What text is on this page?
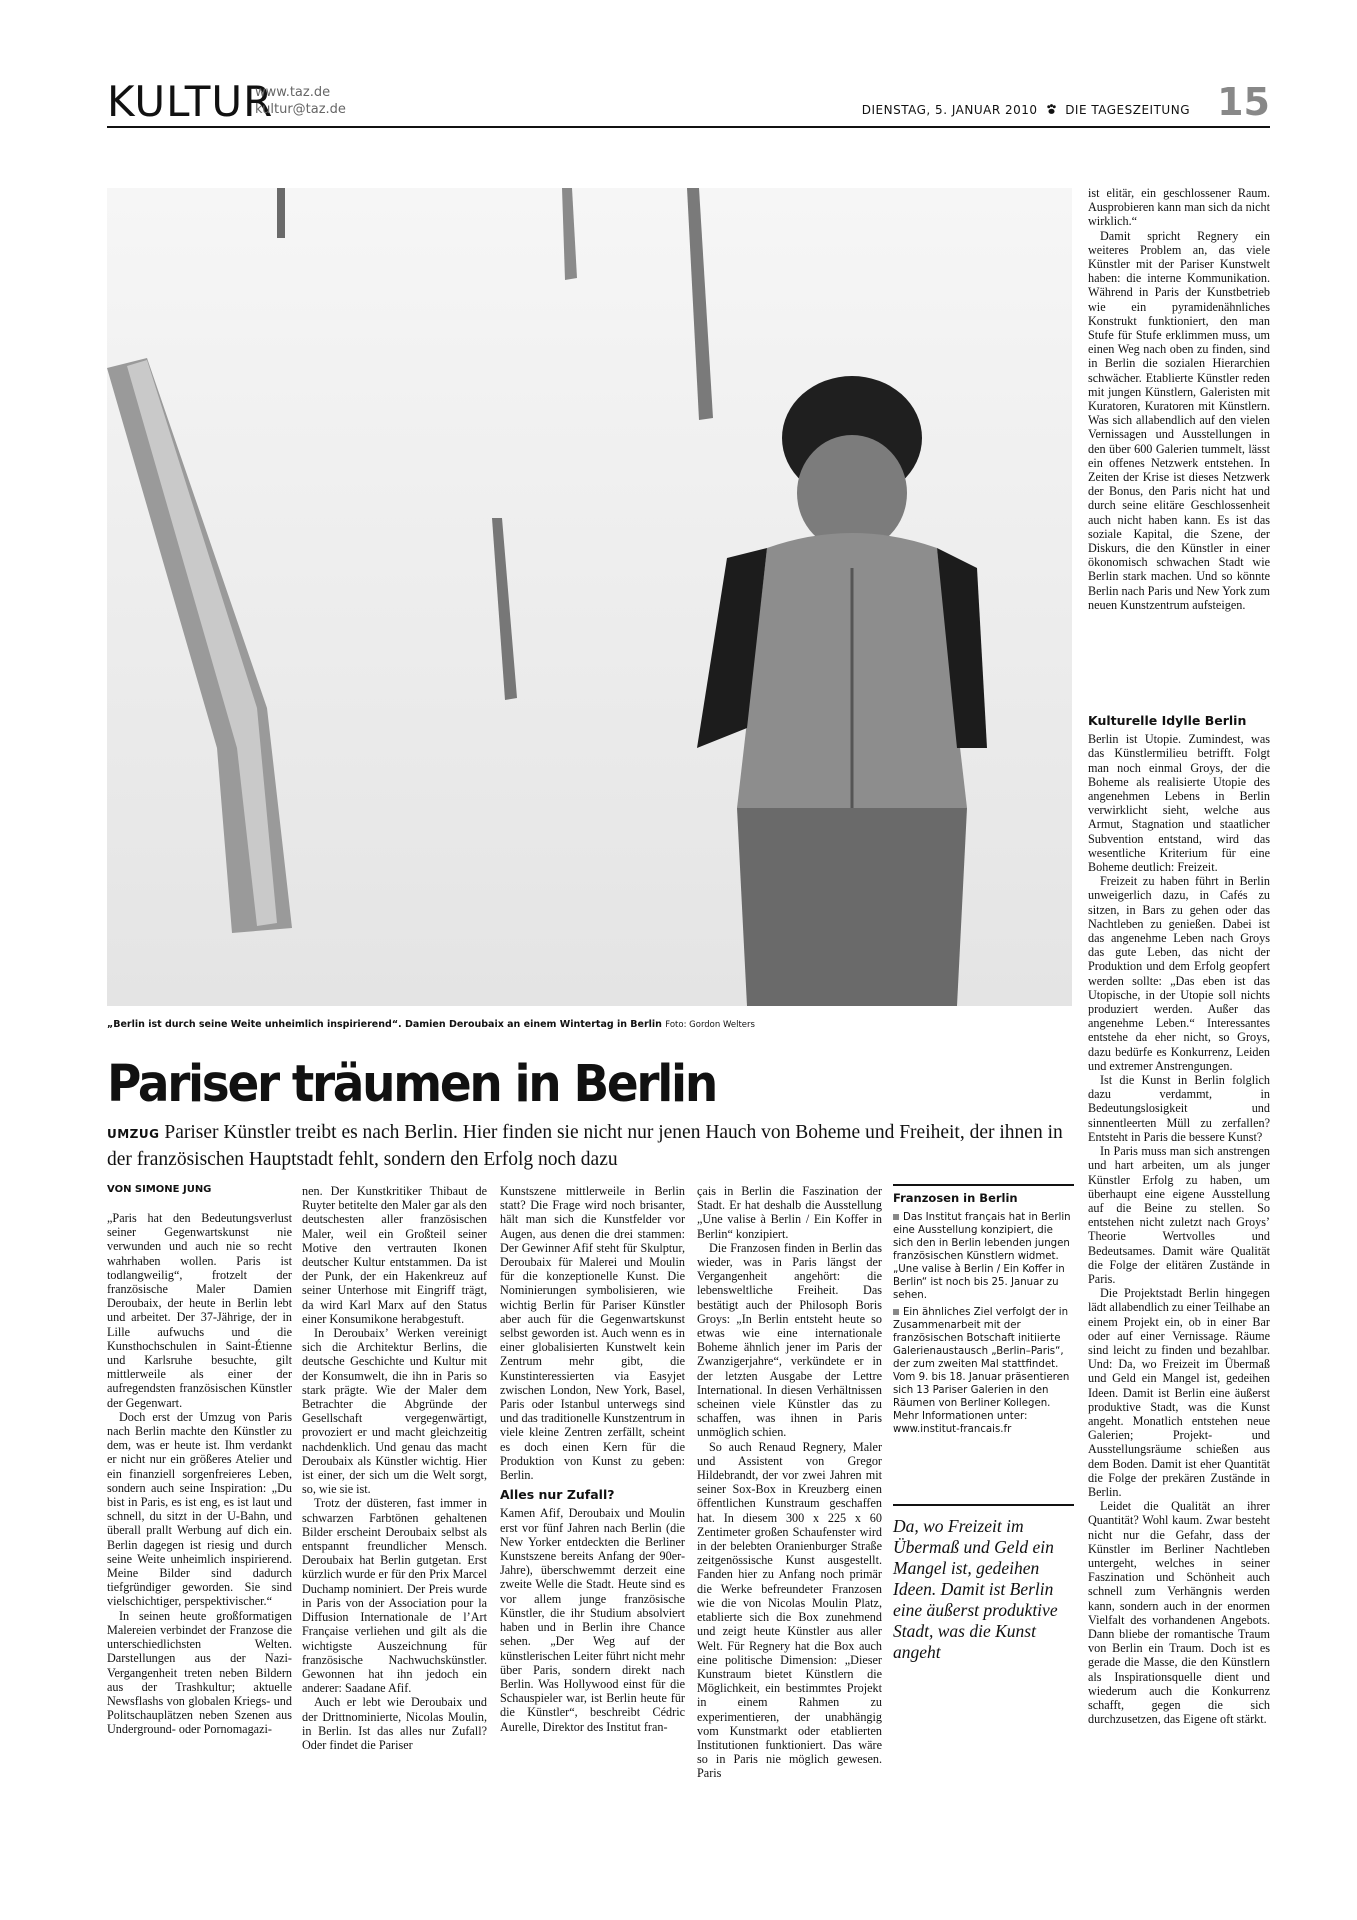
KULTUR
www.taz.de
kultur@taz.de	DIENSTAG, 5. JANUAR 2010 DIE TAGESZEITUNG 15
„Berlin ist durch seine Weite unheimlich inspirierend“. Damien Deroubaix an einem Wintertag in Berlin Foto: Gordon Welters
Pariser träumen in Berlin
UMZUG Pariser Künstler treibt es nach Berlin. Hier finden sie nicht nur jenen Hauch von Boheme und Freiheit, der ihnen in der französischen Hauptstadt fehlt, sondern den Erfolg noch dazu
VON SIMONE JUNG

„Paris hat den Bedeutungsverlust seiner Gegenwartskunst nie verwunden und auch nie so recht wahrhaben wollen. Paris ist todlangweilig“, frotzelt der französische Maler Damien Deroubaix, der heute in Berlin lebt und arbeitet. Der 37-Jährige, der in Lille aufwuchs und die Kunsthochschulen in Saint-Étienne und Karlsruhe besuchte, gilt mittlerweile als einer der aufregendsten französischen Künstler der Gegenwart.

Doch erst der Umzug von Paris nach Berlin machte den Künstler zu dem, was er heute ist. Ihm verdankt er nicht nur ein größeres Atelier und ein finanziell sorgenfreieres Leben, sondern auch seine Inspiration: „Du bist in Paris, es ist eng, es ist laut und schnell, du sitzt in der U-Bahn, und überall prallt Werbung auf dich ein. Berlin dagegen ist riesig und durch seine Weite unheimlich inspirierend. Meine Bilder sind dadurch tiefgründiger geworden. Sie sind vielschichtiger, perspektivischer.“

In seinen heute großformatigen Malereien verbindet der Franzose die unterschiedlichsten Welten. Darstellungen aus der Nazi-Vergangenheit treten neben Bildern aus der Trashkultur; aktuelle Newsflashs von globalen Kriegs- und Politschauplätzen neben Szenen aus Underground- oder Pornomagazi-

nen. Der Kunstkritiker Thibaut de Ruyter betitelte den Maler gar als den deutschesten aller französischen Maler, weil ein Großteil seiner Motive den vertrauten Ikonen deutscher Kultur entstammen. Da ist der Punk, der ein Hakenkreuz auf seiner Unterhose mit Eingriff trägt, da wird Karl Marx auf den Status einer Konsumikone herabgestuft.

In Deroubaix’ Werken vereinigt sich die Architektur Berlins, die deutsche Geschichte und Kultur mit der Konsumwelt, die ihn in Paris so stark prägte. Wie der Maler dem Betrachter die Abgründe der Gesellschaft vergegenwärtigt, provoziert er und macht gleichzeitig nachdenklich. Und genau das macht Deroubaix als Künstler wichtig. Hier ist einer, der sich um die Welt sorgt, so, wie sie ist.

Trotz der düsteren, fast immer in schwarzen Farbtönen gehaltenen Bilder erscheint Deroubaix selbst als entspannt freundlicher Mensch. Deroubaix hat Berlin gutgetan. Erst kürzlich wurde er für den Prix Marcel Duchamp nominiert. Der Preis wurde in Paris von der Association pour la Diffusion Internationale de l’Art Française verliehen und gilt als die wichtigste Auszeichnung für französische Nachwuchskünstler. Gewonnen hat ihn jedoch ein anderer: Saadane Afif.

Auch er lebt wie Deroubaix und der Drittnominierte, Nicolas Moulin, in Berlin. Ist das alles nur Zufall? Oder findet die Pariser

Kunstszene mittlerweile in Berlin statt? Die Frage wird noch brisanter, hält man sich die Kunstfelder vor Augen, aus denen die drei stammen: Der Gewinner Afif steht für Skulptur, Deroubaix für Malerei und Moulin für die konzeptionelle Kunst. Die Nominierungen symbolisieren, wie wichtig Berlin für Pariser Künstler aber auch für die Gegenwartskunst selbst geworden ist. Auch wenn es in einer globalisierten Kunstwelt kein Zentrum mehr gibt, die Kunstinteressierten via Easyjet zwischen London, New York, Basel, Paris oder Istanbul unterwegs sind und das traditionelle Kunstzentrum in viele kleine Zentren zerfällt, scheint es doch einen Kern für die Produktion von Kunst zu geben: Berlin.

Alles nur Zufall?

Kamen Afif, Deroubaix und Moulin erst vor fünf Jahren nach Berlin (die New Yorker entdeckten die Berliner Kunstszene bereits Anfang der 90er-Jahre), überschwemmt derzeit eine zweite Welle die Stadt. Heute sind es vor allem junge französische Künstler, die ihr Studium absolviert haben und in Berlin ihre Chance sehen. „Der Weg auf der künstlerischen Leiter führt nicht mehr über Paris, sondern direkt nach Berlin. Was Hollywood einst für die Schauspieler war, ist Berlin heute für die Künstler“, beschreibt Cédric Aurelle, Direktor des Institut fran-

çais in Berlin die Faszination der Stadt. Er hat deshalb die Ausstellung „Une valise à Berlin / Ein Koffer in Berlin“ konzipiert.

Die Franzosen finden in Berlin das wieder, was in Paris längst der Vergangenheit angehört: die lebensweltliche Freiheit. Das bestätigt auch der Philosoph Boris Groys: „In Berlin entsteht heute so etwas wie eine internationale Boheme ähnlich jener im Paris der Zwanzigerjahre“, verkündete er in der letzten Ausgabe der Lettre International. In diesen Verhältnissen scheinen viele Künstler das zu schaffen, was ihnen in Paris unmöglich schien.

So auch Renaud Regnery, Maler und Assistent von Gregor Hildebrandt, der vor zwei Jahren mit seiner Sox-Box in Kreuzberg einen öffentlichen Kunstraum geschaffen hat. In diesem 300 x 225 x 60 Zentimeter großen Schaufenster wird in der belebten Oranienburger Straße zeitgenössische Kunst ausgestellt. Fanden hier zu Anfang noch primär die Werke befreundeter Franzosen wie die von Nicolas Moulin Platz, etablierte sich die Box zunehmend und zeigt heute Künstler aus aller Welt. Für Regnery hat die Box auch eine politische Dimension: „Dieser Kunstraum bietet Künstlern die Möglichkeit, ein bestimmtes Projekt in einem Rahmen zu experimentieren, der unabhängig vom Kunstmarkt oder etablierten Institutionen funktioniert. Das wäre so in Paris nie möglich gewesen. Paris

Franzosen in Berlin

Das Institut français hat in Berlin eine Ausstellung konzipiert, die sich den in Berlin lebenden jungen französischen Künstlern widmet. „Une valise à Berlin / Ein Koffer in Berlin“ ist noch bis 25. Januar zu sehen.

Ein ähnliches Ziel verfolgt der in Zusammenarbeit mit der französischen Botschaft initiierte Galerienaustausch „Berlin–Paris“, der zum zweiten Mal stattfindet. Vom 9. bis 18. Januar präsentieren sich 13 Pariser Galerien in den Räumen von Berliner Kollegen. Mehr Informationen unter: www.institut-francais.fr

Da, wo Freizeit im Übermaß und Geld ein Mangel ist, gedeihen Ideen. Damit ist Berlin eine äußerst produktive Stadt, was die Kunst angeht

ist elitär, ein geschlossener Raum. Ausprobieren kann man sich da nicht wirklich.“

Damit spricht Regnery ein weiteres Problem an, das viele Künstler mit der Pariser Kunstwelt haben: die interne Kommunikation. Während in Paris der Kunstbetrieb wie ein pyramidenähnliches Konstrukt funktioniert, den man Stufe für Stufe erklimmen muss, um einen Weg nach oben zu finden, sind in Berlin die sozialen Hierarchien schwächer. Etablierte Künstler reden mit jungen Künstlern, Galeristen mit Kuratoren, Kuratoren mit Künstlern. Was sich allabendlich auf den vielen Vernissagen und Ausstellungen in den über 600 Galerien tummelt, lässt ein offenes Netzwerk entstehen. In Zeiten der Krise ist dieses Netzwerk der Bonus, den Paris nicht hat und durch seine elitäre Geschlossenheit auch nicht haben kann. Es ist das soziale Kapital, die Szene, der Diskurs, die den Künstler in einer ökonomisch schwachen Stadt wie Berlin stark machen. Und so könnte Berlin nach Paris und New York zum neuen Kunstzentrum aufsteigen.

Kulturelle Idylle Berlin

Berlin ist Utopie. Zumindest, was das Künstlermilieu betrifft. Folgt man noch einmal Groys, der die Boheme als realisierte Utopie des angenehmen Lebens in Berlin verwirklicht sieht, welche aus Armut, Stagnation und staatlicher Subvention entstand, wird das wesentliche Kriterium für eine Boheme deutlich: Freizeit.

Freizeit zu haben führt in Berlin unweigerlich dazu, in Cafés zu sitzen, in Bars zu gehen oder das Nachtleben zu genießen. Dabei ist das angenehme Leben nach Groys das gute Leben, das nicht der Produktion und dem Erfolg geopfert werden sollte: „Das eben ist das Utopische, in der Utopie soll nichts produziert werden. Außer das angenehme Leben.“ Interessantes entstehe da eher nicht, so Groys, dazu bedürfe es Konkurrenz, Leiden und extremer Anstrengungen.

Ist die Kunst in Berlin folglich dazu verdammt, in Bedeutungslosigkeit und sinnentleerten Müll zu zerfallen? Entsteht in Paris die bessere Kunst?

In Paris muss man sich anstrengen und hart arbeiten, um als junger Künstler Erfolg zu haben, um überhaupt eine eigene Ausstellung auf die Beine zu stellen. So entstehen nicht zuletzt nach Groys’ Theorie Wertvolles und Bedeutsames. Damit wäre Qualität die Folge der elitären Zustände in Paris.

Die Projektstadt Berlin hingegen lädt allabendlich zu einer Teilhabe an einem Projekt ein, ob in einer Bar oder auf einer Vernissage. Räume sind leicht zu finden und bezahlbar. Und: Da, wo Freizeit im Übermaß und Geld ein Mangel ist, gedeihen Ideen. Damit ist Berlin eine äußerst produktive Stadt, was die Kunst angeht. Monatlich entstehen neue Galerien; Projekt- und Ausstellungsräume schießen aus dem Boden. Damit ist eher Quantität die Folge der prekären Zustände in Berlin.

Leidet die Qualität an ihrer Quantität? Wohl kaum. Zwar besteht nicht nur die Gefahr, dass der Künstler im Berliner Nachtleben untergeht, welches in seiner Faszination und Schönheit auch schnell zum Verhängnis werden kann, sondern auch in der enormen Vielfalt des vorhandenen Angebots. Dann bliebe der romantische Traum von Berlin ein Traum. Doch ist es gerade die Masse, die den Künstlern als Inspirationsquelle dient und wiederum auch die Konkurrenz schafft, gegen die sich durchzusetzen, das Eigene oft stärkt.
